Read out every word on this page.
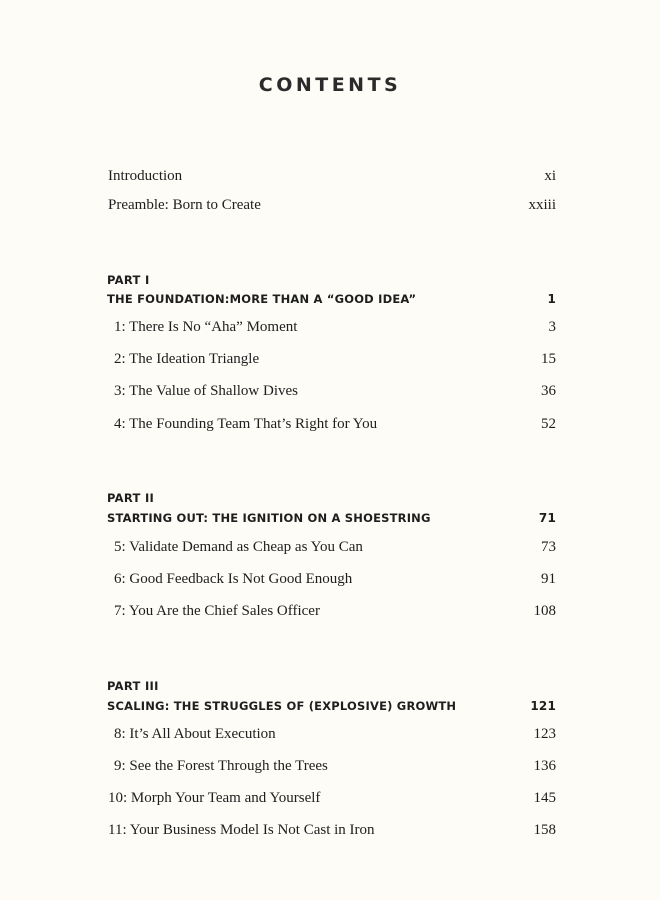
CONTENTS
Introduction	xi
Preamble: Born to Create	xxiii
PART I
THE FOUNDATION:MORE THAN A “GOOD IDEA”	1
1: There Is No “Aha” Moment	3
2: The Ideation Triangle	15
3: The Value of Shallow Dives	36
4: The Founding Team That’s Right for You	52
PART II
STARTING OUT: THE IGNITION ON A SHOESTRING	71
5: Validate Demand as Cheap as You Can	73
6: Good Feedback Is Not Good Enough	91
7: You Are the Chief Sales Officer	108
PART III
SCALING: THE STRUGGLES OF (EXPLOSIVE) GROWTH	121
8: It’s All About Execution	123
9: See the Forest Through the Trees	136
10: Morph Your Team and Yourself	145
11: Your Business Model Is Not Cast in Iron	158
